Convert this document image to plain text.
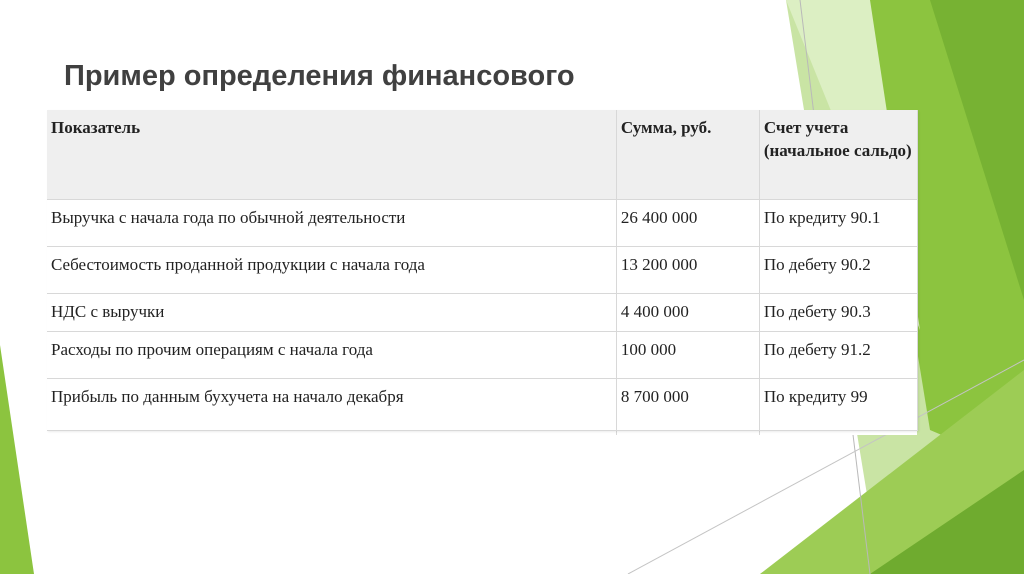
Пример определения финансового
Показатель	Сумма, руб.	Счет учета (начальное сальдо)
Выручка с начала года по обычной деятельности	26 400 000	По кредиту 90.1
Себестоимость проданной продукции с начала года	13 200 000	По дебету 90.2
НДС с выручки	4 400 000	По дебету 90.3
Расходы по прочим операциям с начала года	100 000	По дебету 91.2
Прибыль по данным бухучета на начало декабря	8 700 000	По кредиту 99
